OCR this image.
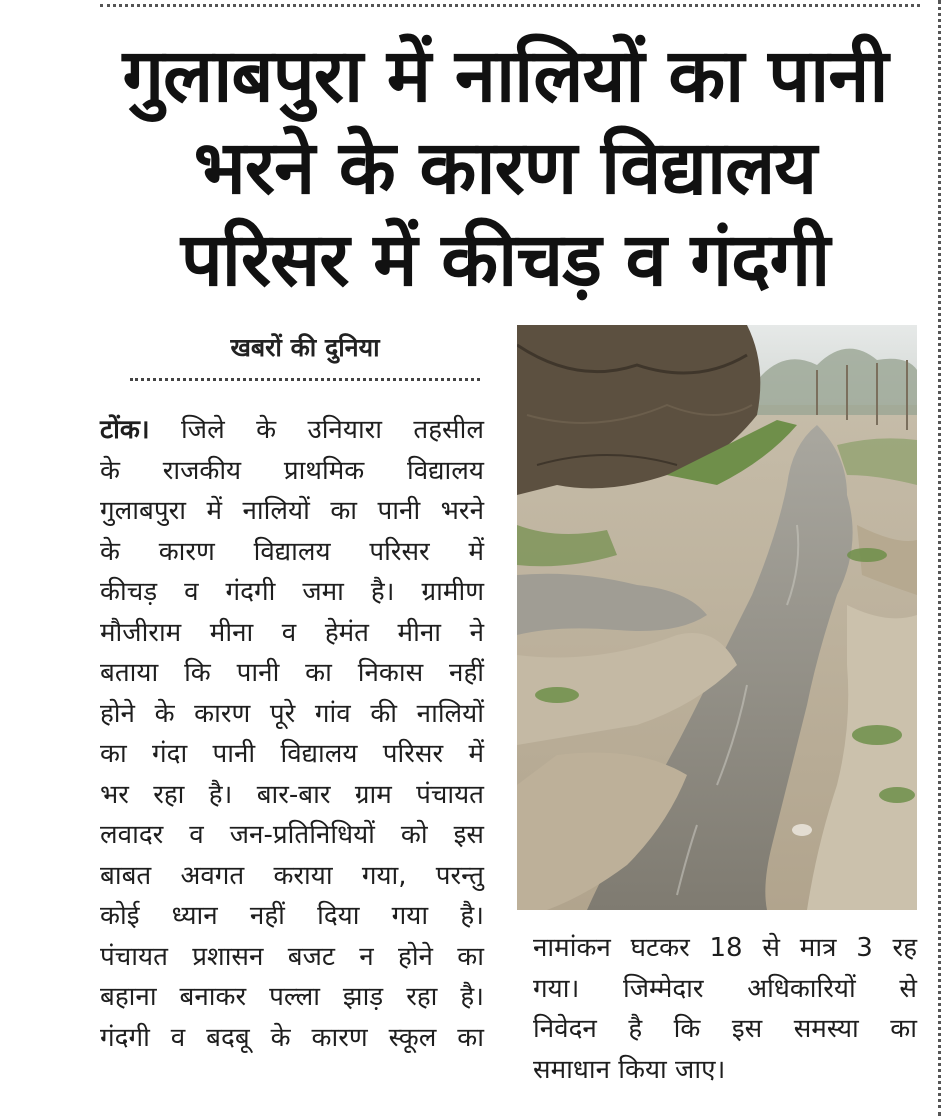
गुलाबपुरा में नालियों का पानी
भरने के कारण विद्यालय
परिसर में कीचड़ व गंदगी
खबरों की दुनिया
टोंक। जिले के उनियारा तहसील
के राजकीय प्राथमिक विद्यालय
गुलाबपुरा में नालियों का पानी भरने
के कारण विद्यालय परिसर में
कीचड़ व गंदगी जमा है। ग्रामीण
मौजीराम मीना व हेमंत मीना ने
बताया कि पानी का निकास नहीं
होने के कारण पूरे गांव की नालियों
का गंदा पानी विद्यालय परिसर में
भर रहा है। बार-बार ग्राम पंचायत
लवादर व जन-प्रतिनिधियों को इस
बाबत अवगत कराया गया, परन्तु
कोई ध्यान नहीं दिया गया है।
पंचायत प्रशासन बजट न होने का
बहाना बनाकर पल्ला झाड़ रहा है।
गंदगी व बदबू के कारण स्कूल का
नामांकन घटकर 18 से मात्र 3 रह
गया। जिम्मेदार अधिकारियों से
निवेदन है कि इस समस्या का
समाधान किया जाए।
